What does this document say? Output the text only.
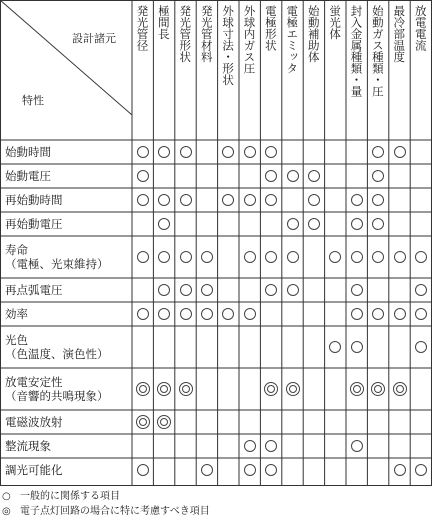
設計諸元
特性
発光管径 極間長 発光管形状 発光管材料 外球寸法・形状 外球内ガス圧 電極形状 電極エミッタ 始動補助体 蛍光体 封入金属種類・量 始動ガス種類・圧 最冷部温度 放電電流
始動時間
始動電圧
再始動時間
再始動電圧
寿命
（電極、光束維持）
再点弧電圧
効率
光色
（色温度、演色性）
放電安定性
（音響的共鳴現象）
電磁波放射
整流現象
調光可能化
○ 一般的に関係する項目
◎ 電子点灯回路の場合に特に考慮すべき項目
